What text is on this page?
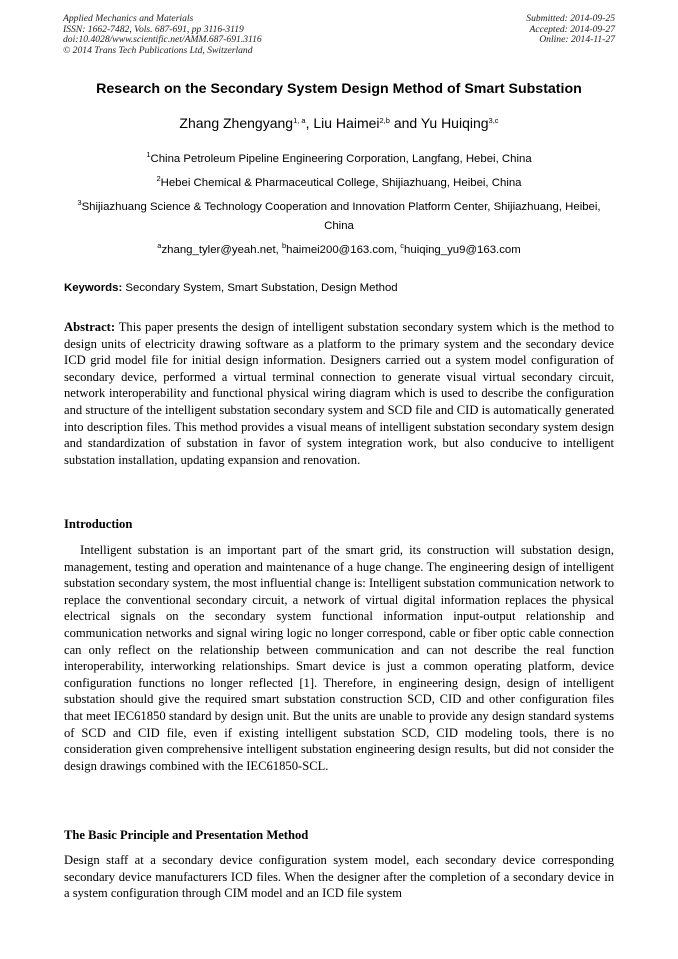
Applied Mechanics and Materials
ISSN: 1662-7482, Vols. 687-691, pp 3116-3119
doi:10.4028/www.scientific.net/AMM.687-691.3116
© 2014 Trans Tech Publications Ltd, Switzerland
Submitted: 2014-09-25
Accepted: 2014-09-27
Online: 2014-11-27
Research on the Secondary System Design Method of Smart Substation
Zhang Zhengyang$^{1, a}$, Liu Haimei$^{2,b}$ and Yu Huiqing$^{3,c}$
$^1$China Petroleum Pipeline Engineering Corporation, Langfang, Hebei, China
$^2$Hebei Chemical & Pharmaceutical College, Shijiazhuang, Heibei, China
$^3$Shijiazhuang Science & Technology Cooperation and Innovation Platform Center, Shijiazhuang, Heibei, China
$^a$zhang_tyler@yeah.net, $^b$haimei200@163.com, $^c$huiqing_yu9@163.com
Keywords: Secondary System, Smart Substation, Design Method
Abstract: This paper presents the design of intelligent substation secondary system which is the method to design units of electricity drawing software as a platform to the primary system and the secondary device ICD grid model file for initial design information. Designers carried out a system model configuration of secondary device, performed a virtual terminal connection to generate visual virtual secondary circuit, network interoperability and functional physical wiring diagram which is used to describe the configuration and structure of the intelligent substation secondary system and SCD file and CID is automatically generated into description files. This method provides a visual means of intelligent substation secondary system design and standardization of substation in favor of system integration work, but also conducive to intelligent substation installation, updating expansion and renovation.
Introduction
Intelligent substation is an important part of the smart grid, its construction will substation design, management, testing and operation and maintenance of a huge change. The engineering design of intelligent substation secondary system, the most influential change is: Intelligent substation communication network to replace the conventional secondary circuit, a network of virtual digital information replaces the physical electrical signals on the secondary system functional information input-output relationship and communication networks and signal wiring logic no longer correspond, cable or fiber optic cable connection can only reflect on the relationship between communication and can not describe the real function interoperability, interworking relationships. Smart device is just a common operating platform, device configuration functions no longer reflected [1]. Therefore, in engineering design, design of intelligent substation should give the required smart substation construction SCD, CID and other configuration files that meet IEC61850 standard by design unit. But the units are unable to provide any design standard systems of SCD and CID file, even if existing intelligent substation SCD, CID modeling tools, there is no consideration given comprehensive intelligent substation engineering design results, but did not consider the design drawings combined with the IEC61850-SCL.
The Basic Principle and Presentation Method
Design staff at a secondary device configuration system model, each secondary device corresponding secondary device manufacturers ICD files. When the designer after the completion of a secondary device in a system configuration through CIM model and an ICD file system
